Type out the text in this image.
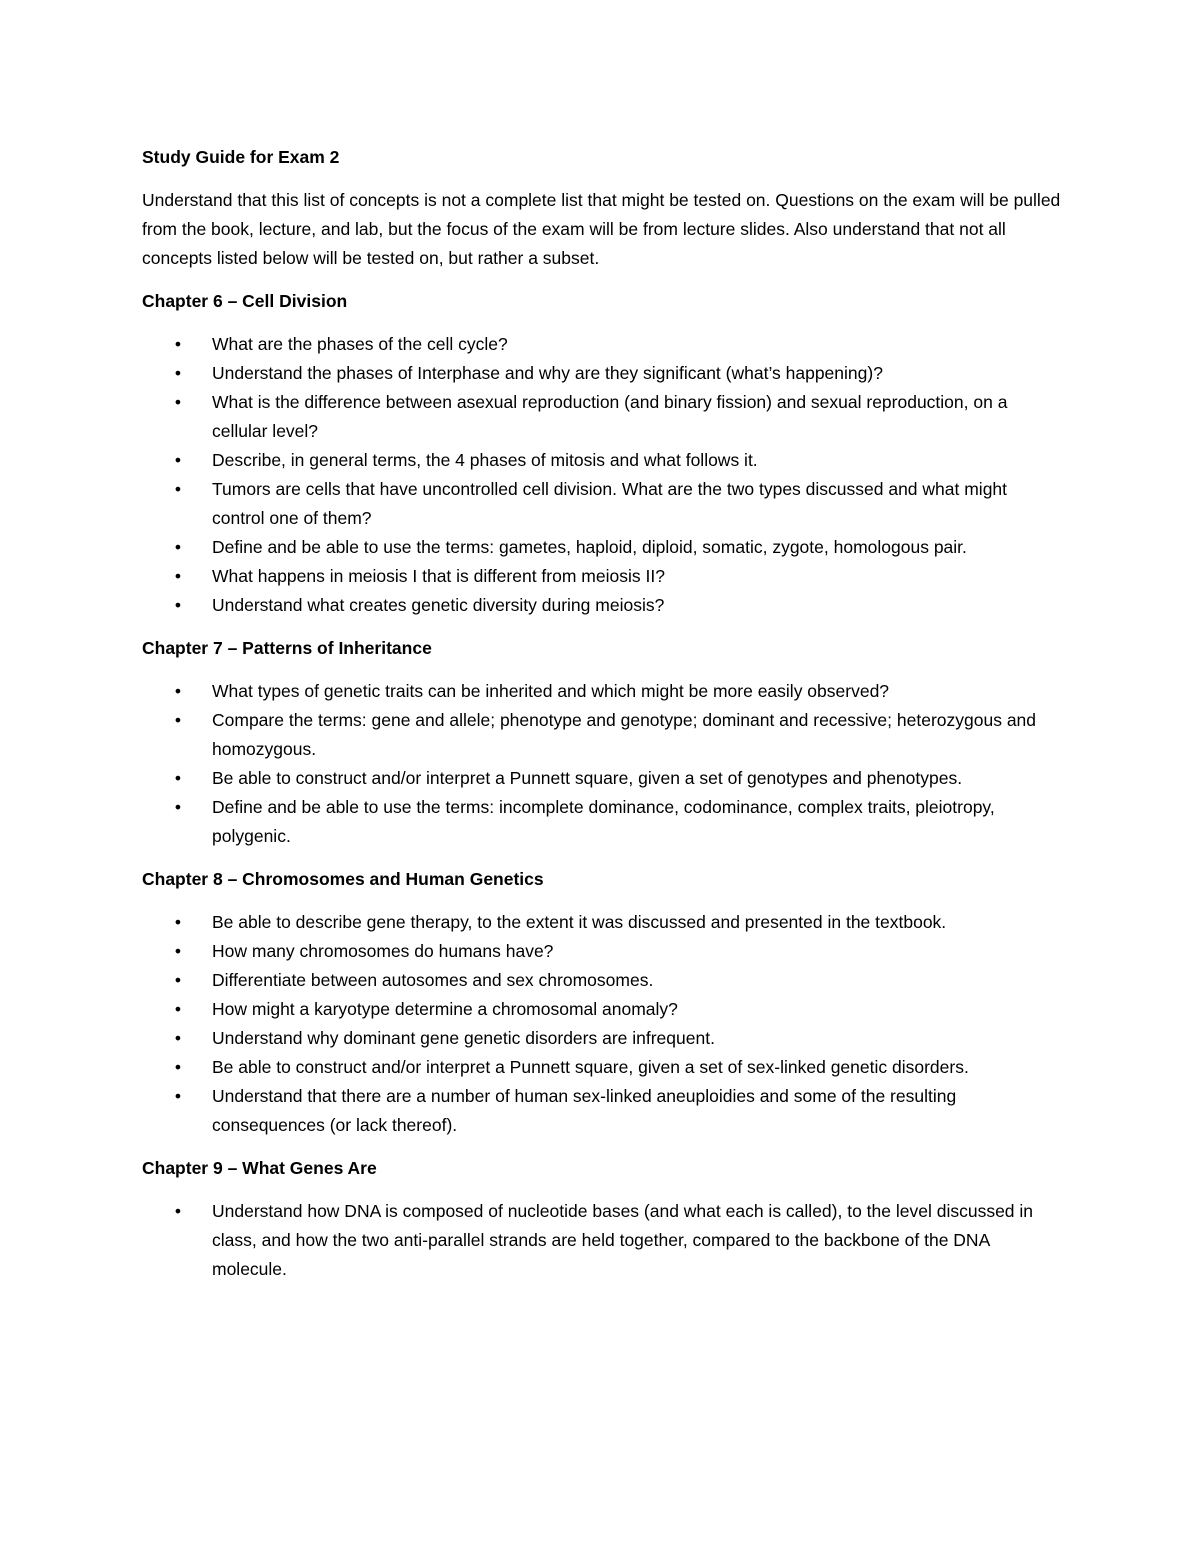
Study Guide for Exam 2
Understand that this list of concepts is not a complete list that might be tested on. Questions on the exam will be pulled from the book, lecture, and lab, but the focus of the exam will be from lecture slides. Also understand that not all concepts listed below will be tested on, but rather a subset.
Chapter 6 – Cell Division
• What are the phases of the cell cycle?
• Understand the phases of Interphase and why are they significant (what’s happening)?
• What is the difference between asexual reproduction (and binary fission) and sexual reproduction, on a cellular level?
• Describe, in general terms, the 4 phases of mitosis and what follows it.
• Tumors are cells that have uncontrolled cell division. What are the two types discussed and what might control one of them?
• Define and be able to use the terms: gametes, haploid, diploid, somatic, zygote, homologous pair.
• What happens in meiosis I that is different from meiosis II?
• Understand what creates genetic diversity during meiosis?
Chapter 7 – Patterns of Inheritance
• What types of genetic traits can be inherited and which might be more easily observed?
• Compare the terms: gene and allele; phenotype and genotype; dominant and recessive; heterozygous and homozygous.
• Be able to construct and/or interpret a Punnett square, given a set of genotypes and phenotypes.
• Define and be able to use the terms: incomplete dominance, codominance, complex traits, pleiotropy, polygenic.
Chapter 8 – Chromosomes and Human Genetics
• Be able to describe gene therapy, to the extent it was discussed and presented in the textbook.
• How many chromosomes do humans have?
• Differentiate between autosomes and sex chromosomes.
• How might a karyotype determine a chromosomal anomaly?
• Understand why dominant gene genetic disorders are infrequent.
• Be able to construct and/or interpret a Punnett square, given a set of sex-linked genetic disorders.
• Understand that there are a number of human sex-linked aneuploidies and some of the resulting consequences (or lack thereof).
Chapter 9 – What Genes Are
• Understand how DNA is composed of nucleotide bases (and what each is called), to the level discussed in class, and how the two anti-parallel strands are held together, compared to the backbone of the DNA molecule.
